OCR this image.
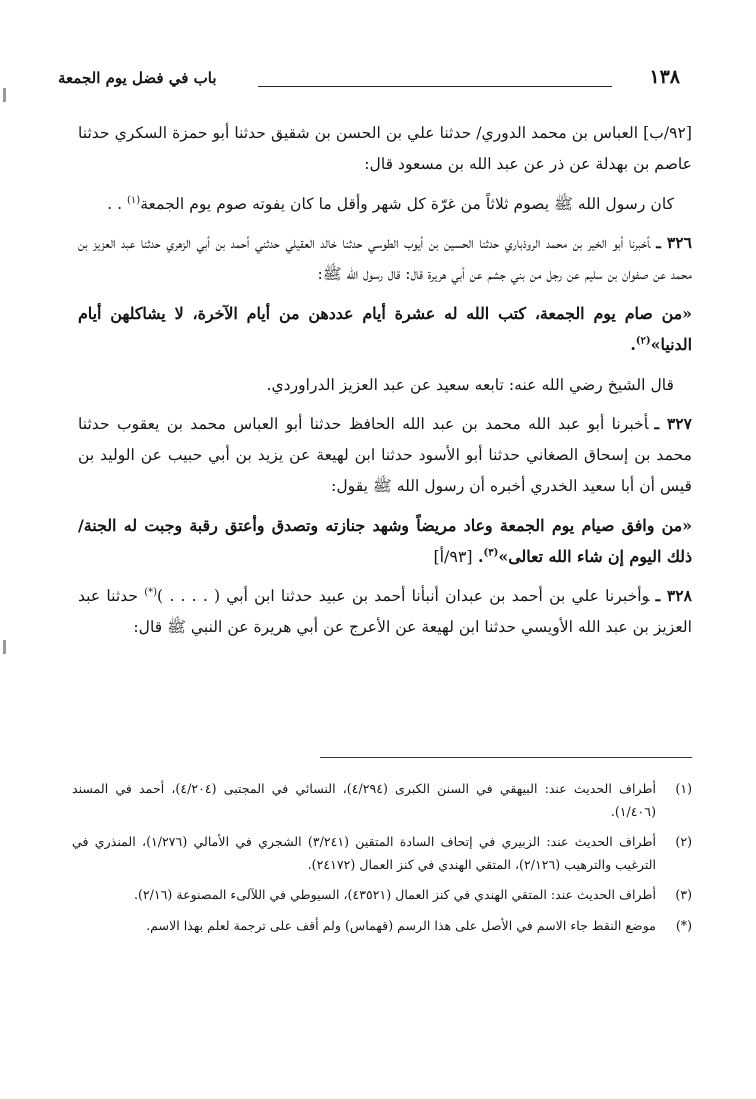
١٣٨
باب في فضل يوم الجمعة

[٩٢/ب] العباس بن محمد الدوري/ حدثنا علي بن الحسن بن شقيق حدثنا أبو حمزة السكري حدثنا عاصم بن بهدلة عن ذر عن عبد الله بن مسعود قال:

كان رسول الله ﷺ يصوم ثلاثاً من غرّة كل شهر وأقل ما كان يفوته صوم يوم الجمعة$^{(١)}$ . .

٣٢٦ ـأخبرنا أبو الخير بن محمد الروذباري حدثنا الحسين بن أيوب الطوسي حدثنا خالد العقيلي حدثني أحمد بن أبي الزهري حدثنا عبد العزيز بن محمد عن صفوان بن سليم عن رجل من بني جشم عن أبي هريرة قال: قال رسول الله ﷺ:

«من صام يوم الجمعة، كتب الله له عشرة أيام عددهن من أيام الآخرة، لا يشاكلهن أيام الدنيا»$^{(٢)}$.

قال الشيخ رضي الله عنه: تابعه سعيد عن عبد العزيز الدراوردي.

٣٢٧ ـأخبرنا أبو عبد الله محمد بن عبد الله الحافظ حدثنا أبو العباس محمد بن يعقوب حدثنا محمد بن إسحاق الصغاني حدثنا أبو الأسود حدثنا ابن لهيعة عن يزيد بن أبي حبيب عن الوليد بن قيس أن أبا سعيد الخدري أخبره أن رسول الله ﷺ يقول:

«من وافق صيام يوم الجمعة وعاد مريضاً وشهد جنازته وتصدق وأعتق رقبة وجبت له الجنة/ ذلك اليوم إن شاء الله تعالى»$^{(٣)}$. [٩٣/أ]

٣٢٨ ـوأخبرنا علي بن أحمد بن عبدان أنبأنا أحمد بن عبيد حدثنا ابن أبي ( . . . . )(*) حدثنا عبد العزيز بن عبد الله الأويسي حدثنا ابن لهيعة عن الأعرج عن أبي هريرة عن النبي ﷺ قال:

(١)
أطراف الحديث عند: البيهقي في السنن الكبرى (٤/٢٩٤)، النسائي في المجتبى (٤/٢٠٤)، أحمد في المسند (١/٤٠٦).
(٢)
أطراف الحديث عند: الزبيري في إتحاف السادة المتقين (٣/٢٤١) الشجري في الأمالي (١/٢٧٦)، المنذري في الترغيب والترهيب (٢/١٢٦)، المتقي الهندي في كنز العمال (٢٤١٧٢).
(٣)
أطراف الحديث عند: المتقي الهندي في كنز العمال (٤٣٥٢١)، السيوطي في اللآلىء المصنوعة (٢/١٦).
(*)
موضع النقط جاء الاسم في الأصل على هذا الرسم (قهماس) ولم أقف على ترجمة لعلم بهذا الاسم.
